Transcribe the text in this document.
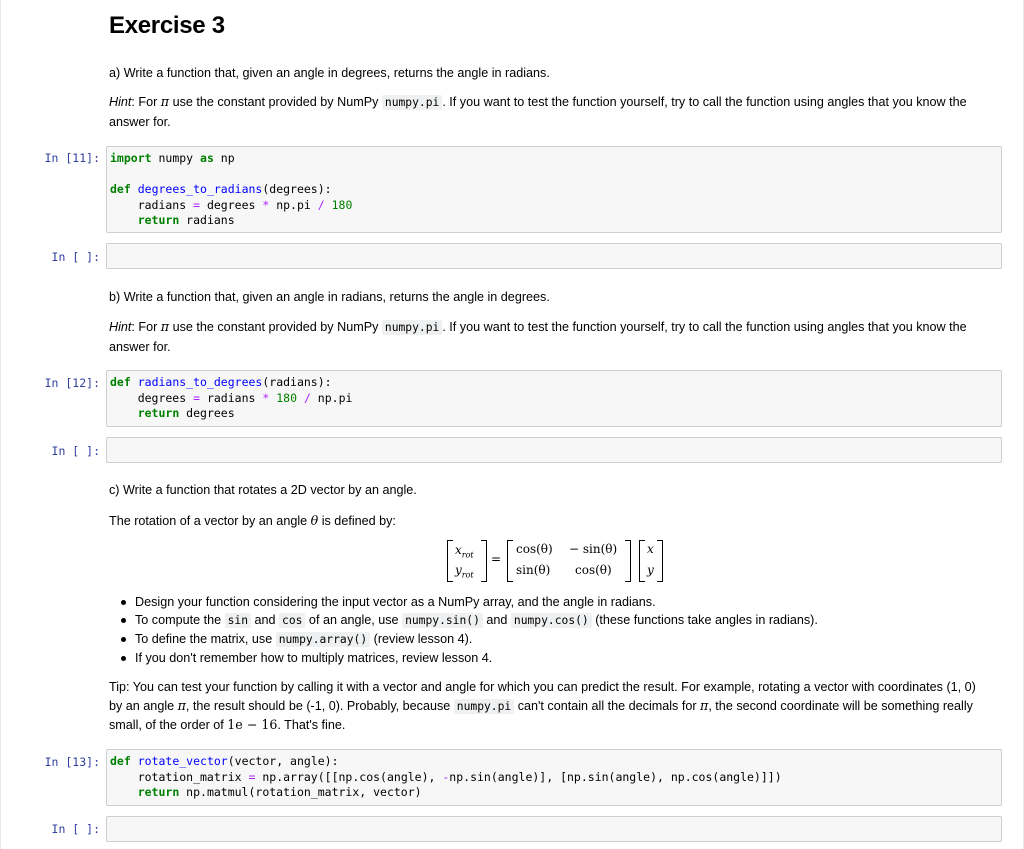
Exercise 3
a) Write a function that, given an angle in degrees, returns the angle in radians.
Hint: For π use the constant provided by NumPy numpy.pi . If you want to test the function yourself, try to call the function using angles that you know the
answer for.
In [11]: import numpy as np
def degrees_to_radians(degrees):
radians = degrees * np.pi / 180
return radians
In [ ]:
b) Write a function that, given an angle in radians, returns the angle in degrees.
Hint: For π use the constant provided by NumPy numpy.pi . If you want to test the function yourself, try to call the function using angles that you know the
answer for.
In [12]: def radians_to_degrees(radians):
degrees = radians * 180 / np.pi
return degrees
In [ ]:
c) Write a function that rotates a 2D vector by an angle.
The rotation of a vector by an angle θ is defined by:
$x_{rot}$
$y_{rot}$
=
cos(θ) − sin(θ)
sin(θ) cos(θ)
x
y
Design your function considering the input vector as a NumPy array, and the angle in radians.
To compute the sin and cos of an angle, use numpy.sin() and numpy.cos() (these functions take angles in radians).
To define the matrix, use numpy.array() (review lesson 4).
If you don't remember how to multiply matrices, review lesson 4.
Tip: You can test your function by calling it with a vector and angle for which you can predict the result. For example, rotating a vector with coordinates (1, 0)
by an angle π, the result should be (-1, 0). Probably, because numpy.pi can't contain all the decimals for π, the second coordinate will be something really
small, of the order of 1e − 16. That's fine.
In [13]: def rotate_vector(vector, angle):
rotation_matrix = np.array([[np.cos(angle), -np.sin(angle)], [np.sin(angle), np.cos(angle)]])
return np.matmul(rotation_matrix, vector)
In [ ]:
